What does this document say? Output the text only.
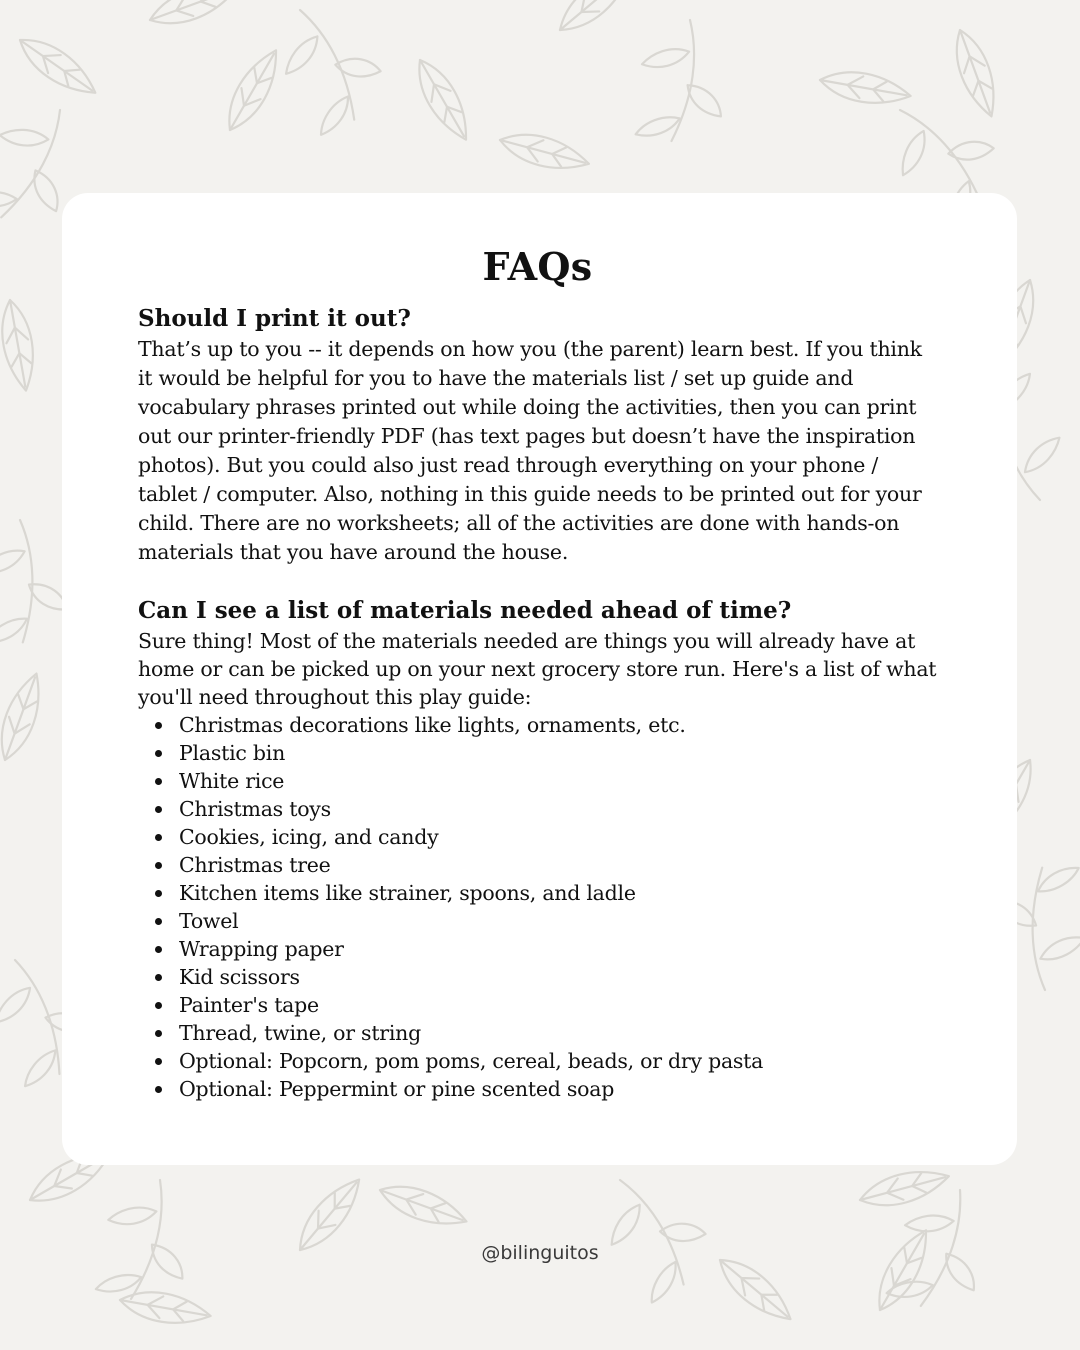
FAQs
Should I print it out?

That’s up to you -- it depends on how you (the parent) learn best. If you think it would be helpful for you to have the materials list / set up guide and vocabulary phrases printed out while doing the activities, then you can print out our printer-friendly PDF (has text pages but doesn’t have the inspiration photos). But you could also just read through everything on your phone / tablet / computer. Also, nothing in this guide needs to be printed out for your child. There are no worksheets; all of the activities are done with hands-on materials that you have around the house.

Can I see a list of materials needed ahead of time?

Sure thing! Most of the materials needed are things you will already have at home or can be picked up on your next grocery store run. Here's a list of what you'll need throughout this play guide:

Christmas decorations like lights, ornaments, etc.
Plastic bin
White rice
Christmas toys
Cookies, icing, and candy
Christmas tree
Kitchen items like strainer, spoons, and ladle
Towel
Wrapping paper
Kid scissors
Painter's tape
Thread, twine, or string
Optional: Popcorn, pom poms, cereal, beads, or dry pasta
Optional: Peppermint or pine scented soap
@bilinguitos
